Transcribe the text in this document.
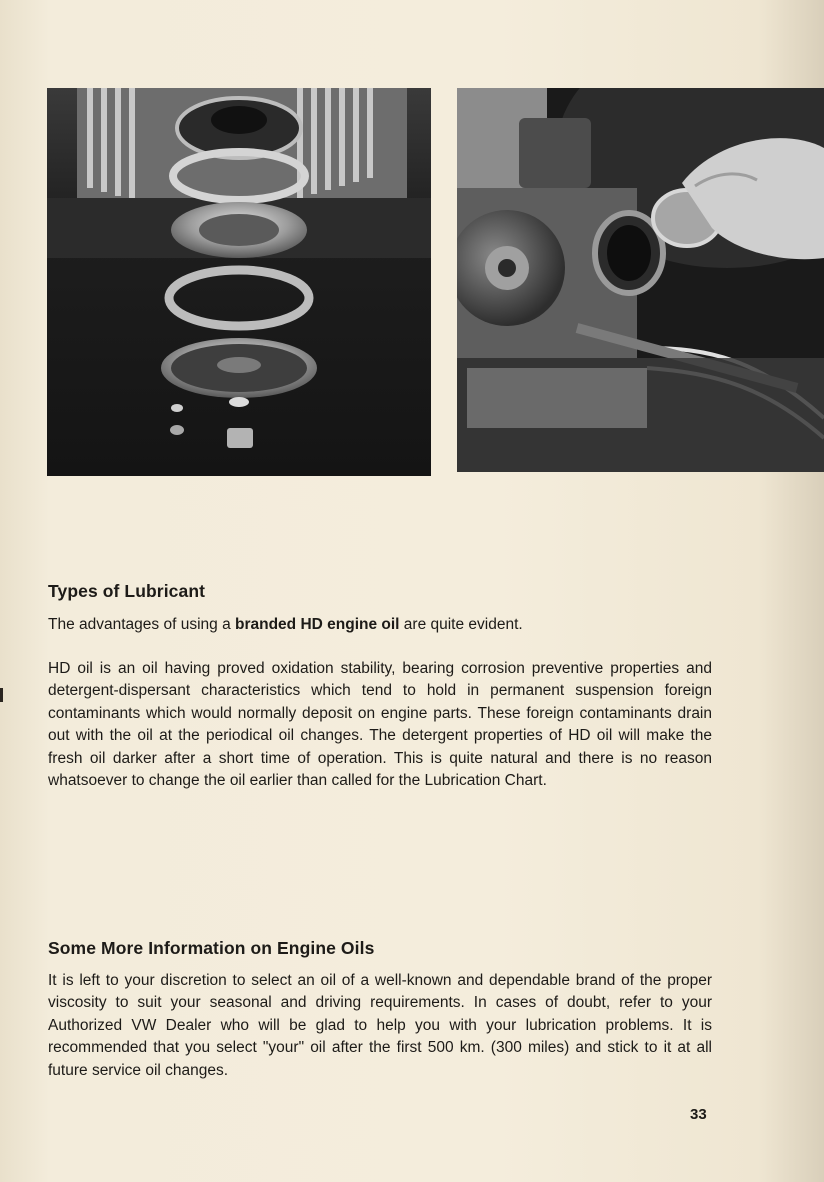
Types of Lubricant

The advantages of using a branded HD engine oil are quite evident.

HD oil is an oil having proved oxidation stability, bearing corrosion preventive properties and detergent-dispersant characteristics which tend to hold in permanent suspension foreign contaminants which would normally deposit on engine parts. These foreign contaminants drain out with the oil at the periodical oil changes. The detergent properties of HD oil will make the fresh oil darker after a short time of operation. This is quite natural and there is no reason whatsoever to change the oil earlier than called for the Lubrication Chart.

Some More Information on Engine Oils

It is left to your discretion to select an oil of a well-known and dependable brand of the proper viscosity to suit your seasonal and driving requirements. In cases of doubt, refer to your Authorized VW Dealer who will be glad to help you with your lubrication problems. It is recommended that you select "your" oil after the first 500 km. (300 miles) and stick to it at all future service oil changes.

33
